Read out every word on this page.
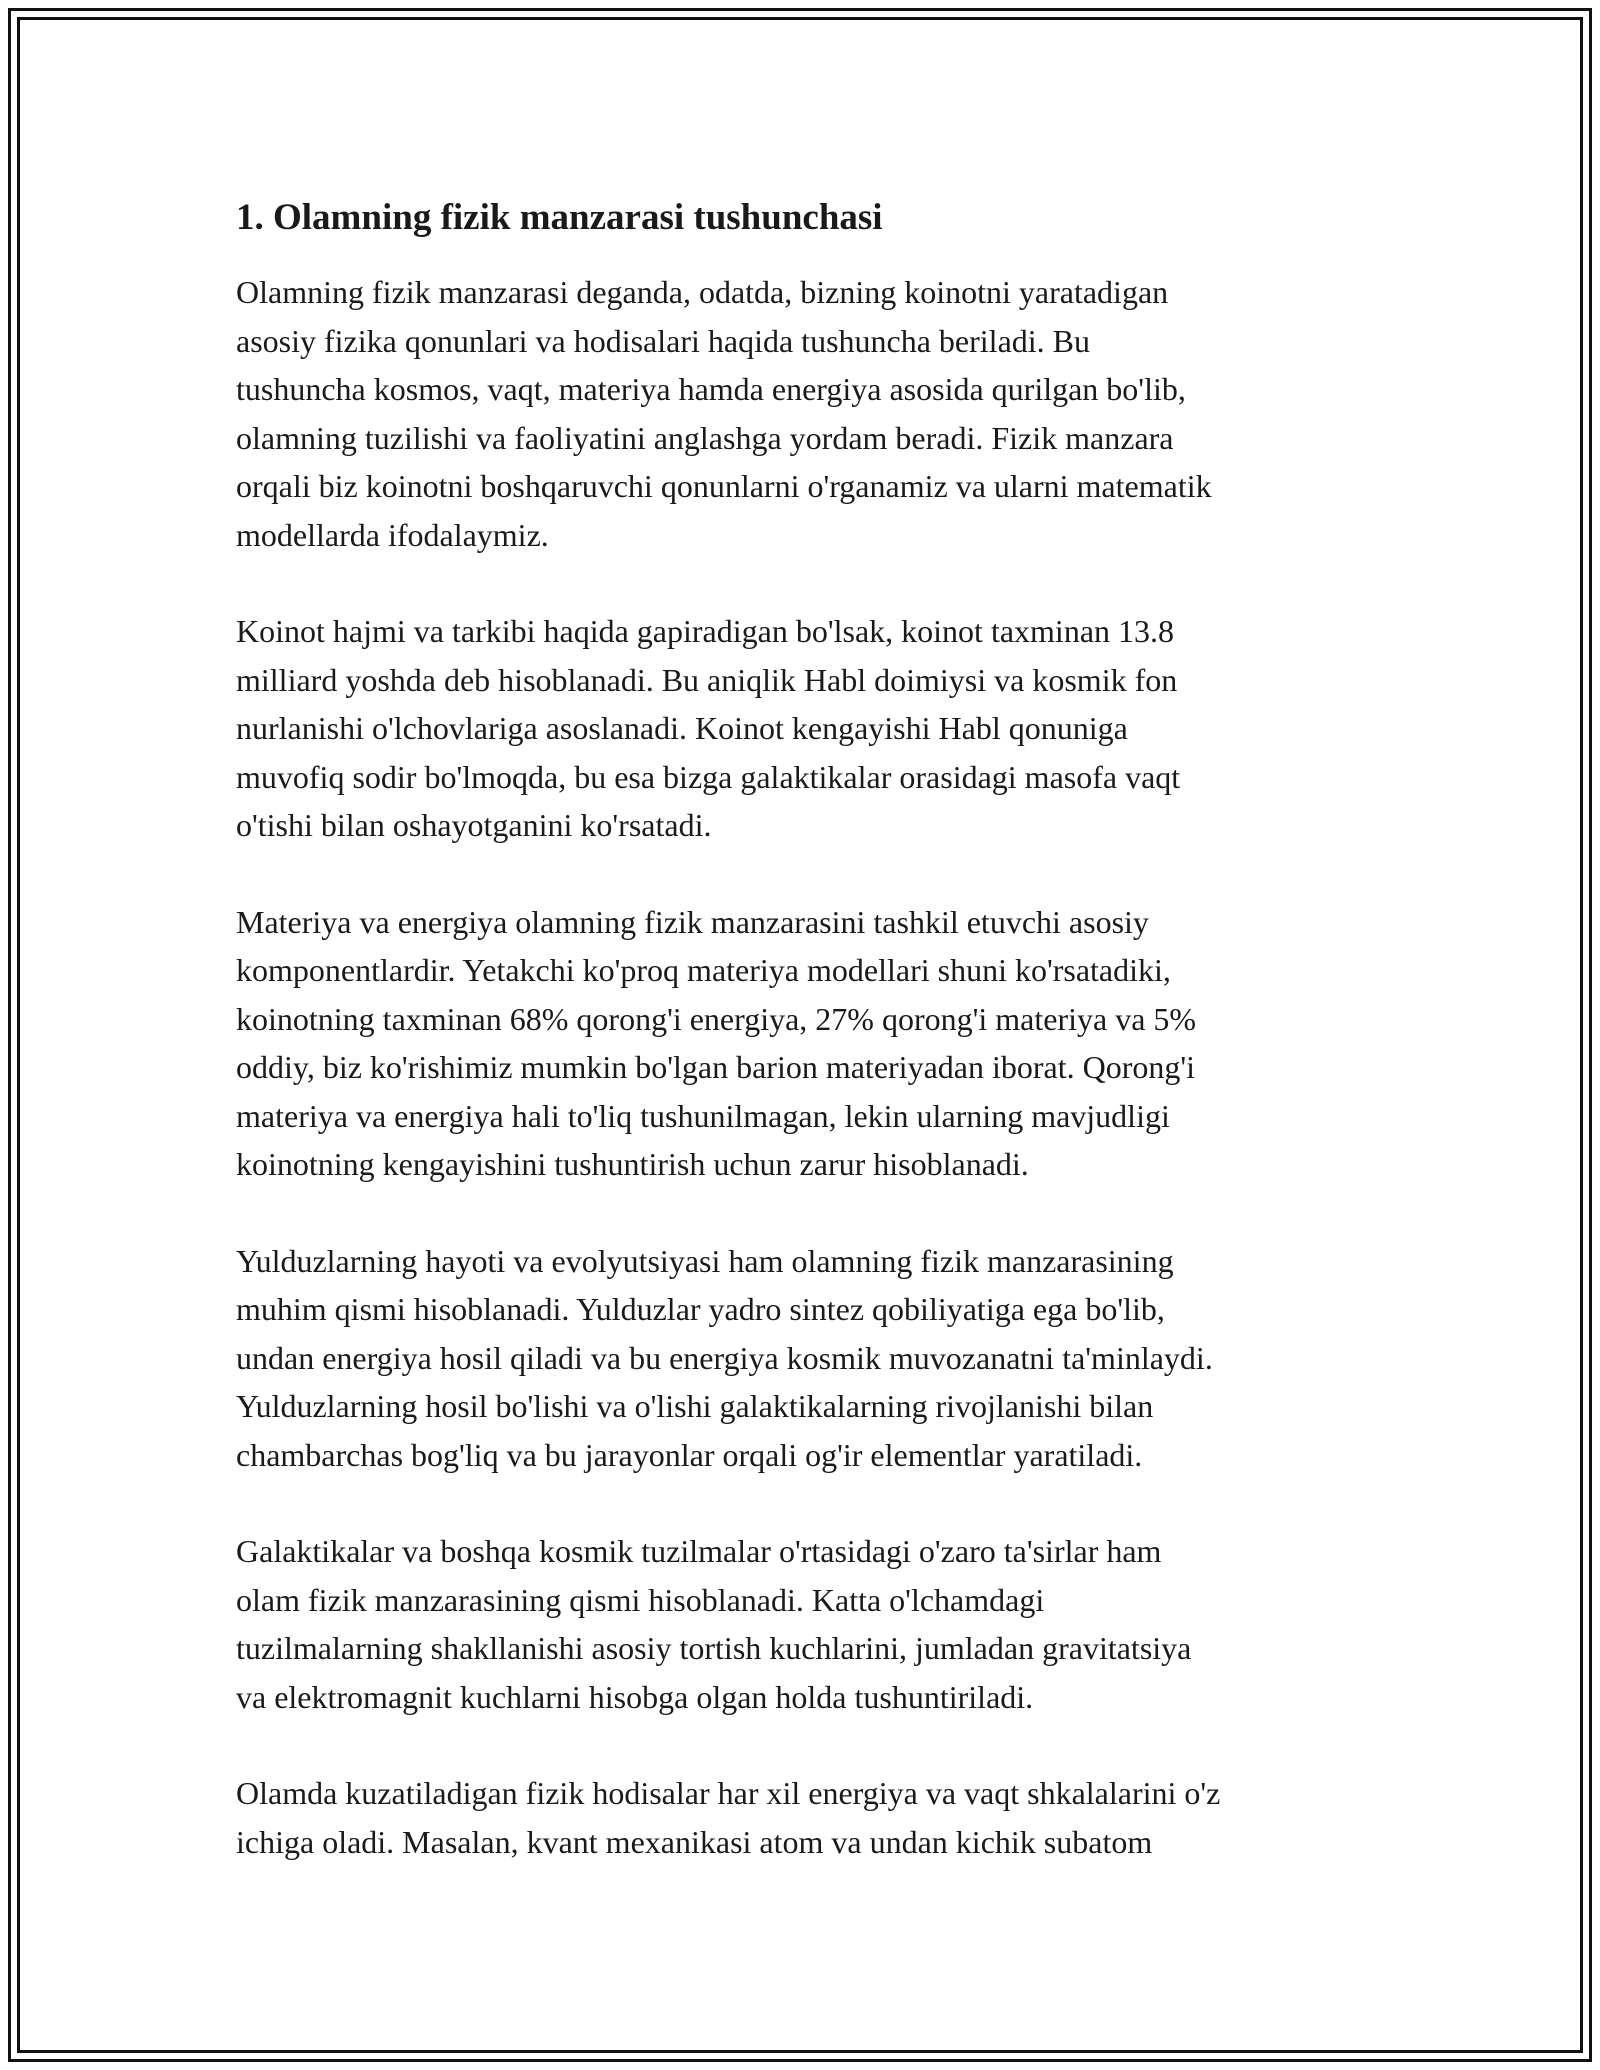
1. Olamning fizik manzarasi tushunchasi

Olamning fizik manzarasi deganda, odatda, bizning koinotni yaratadigan
asosiy fizika qonunlari va hodisalari haqida tushuncha beriladi. Bu
tushuncha kosmos, vaqt, materiya hamda energiya asosida qurilgan bo'lib,
olamning tuzilishi va faoliyatini anglashga yordam beradi. Fizik manzara
orqali biz koinotni boshqaruvchi qonunlarni o'rganamiz va ularni matematik
modellarda ifodalaymiz.

Koinot hajmi va tarkibi haqida gapiradigan bo'lsak, koinot taxminan 13.8
milliard yoshda deb hisoblanadi. Bu aniqlik Habl doimiysi va kosmik fon
nurlanishi o'lchovlariga asoslanadi. Koinot kengayishi Habl qonuniga
muvofiq sodir bo'lmoqda, bu esa bizga galaktikalar orasidagi masofa vaqt
o'tishi bilan oshayotganini ko'rsatadi.

Materiya va energiya olamning fizik manzarasini tashkil etuvchi asosiy
komponentlardir. Yetakchi ko'proq materiya modellari shuni ko'rsatadiki,
koinotning taxminan 68% qorong'i energiya, 27% qorong'i materiya va 5%
oddiy, biz ko'rishimiz mumkin bo'lgan barion materiyadan iborat. Qorong'i
materiya va energiya hali to'liq tushunilmagan, lekin ularning mavjudligi
koinotning kengayishini tushuntirish uchun zarur hisoblanadi.

Yulduzlarning hayoti va evolyutsiyasi ham olamning fizik manzarasining
muhim qismi hisoblanadi. Yulduzlar yadro sintez qobiliyatiga ega bo'lib,
undan energiya hosil qiladi va bu energiya kosmik muvozanatni ta'minlaydi.
Yulduzlarning hosil bo'lishi va o'lishi galaktikalarning rivojlanishi bilan
chambarchas bog'liq va bu jarayonlar orqali og'ir elementlar yaratiladi.

Galaktikalar va boshqa kosmik tuzilmalar o'rtasidagi o'zaro ta'sirlar ham
olam fizik manzarasining qismi hisoblanadi. Katta o'lchamdagi
tuzilmalarning shakllanishi asosiy tortish kuchlarini, jumladan gravitatsiya
va elektromagnit kuchlarni hisobga olgan holda tushuntiriladi.

Olamda kuzatiladigan fizik hodisalar har xil energiya va vaqt shkalalarini o'z
ichiga oladi. Masalan, kvant mexanikasi atom va undan kichik subatom
